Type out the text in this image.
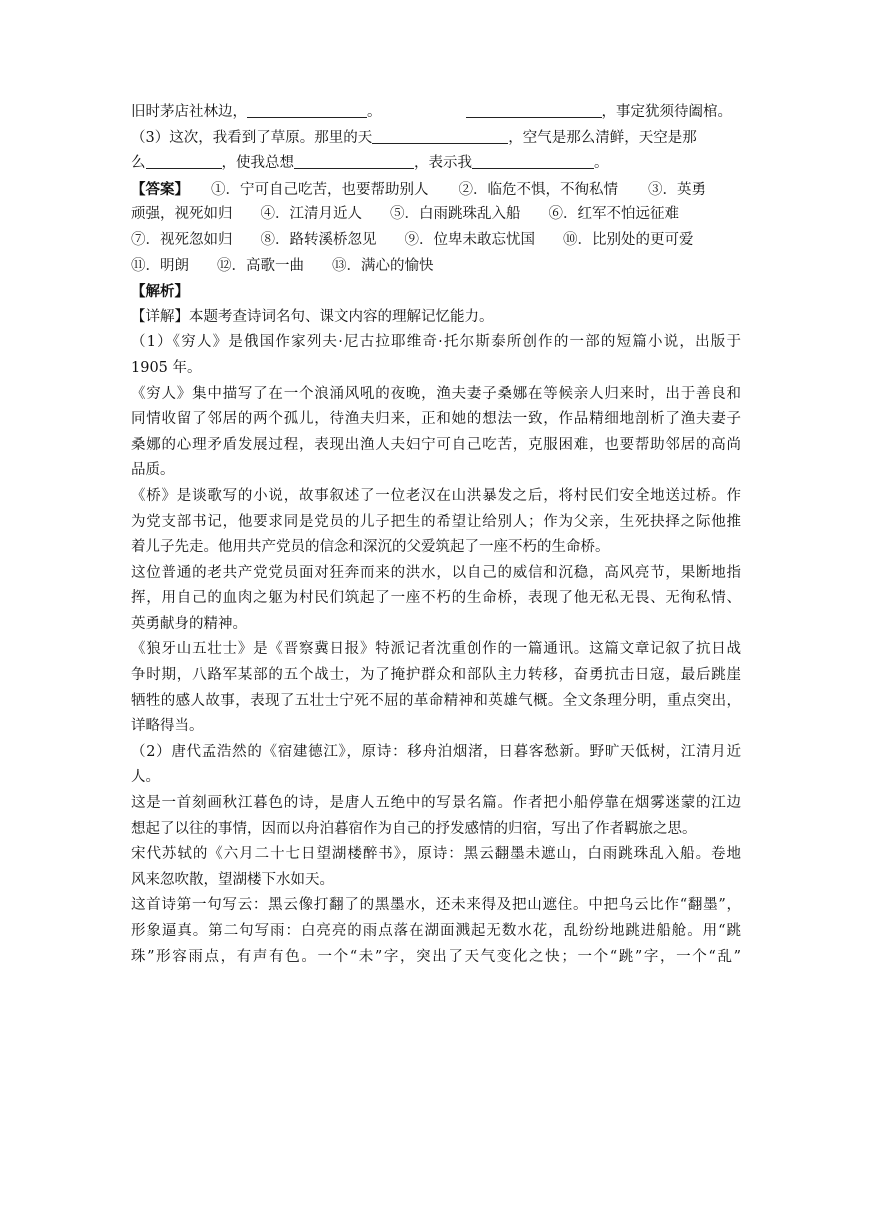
旧时茅店社林边，	。	，事定犹须待阖棺。
（3）这次，我看到了草原。那里的天	，空气是那么清鲜，天空是那
么	，使我总想	，表示我	。
【答案】 ①．宁可自己吃苦，也要帮助别人 ②．临危不惧，不徇私情 ③．英勇
顽强，视死如归 ④．江清月近人 ⑤．白雨跳珠乱入船 ⑥．红军不怕远征难
⑦．视死忽如归 ⑧．路转溪桥忽见 ⑨．位卑未敢忘忧国 ⑩．比别处的更可爱
⑪．明朗 ⑫．高歌一曲 ⑬．满心的愉快
【解析】
【详解】本题考查诗词名句、课文内容的理解记忆能力。
（1）《穷人》是俄国作家列夫·尼古拉耶维奇·托尔斯泰所创作的一部的短篇小说，出版于
1905 年。
《穷人》集中描写了在一个浪涌风吼的夜晚，渔夫妻子桑娜在等候亲人归来时，出于善良和
同情收留了邻居的两个孤儿，待渔夫归来，正和她的想法一致，作品精细地剖析了渔夫妻子
桑娜的心理矛盾发展过程，表现出渔人夫妇宁可自己吃苦，克服困难，也要帮助邻居的高尚
品质。
《桥》是谈歌写的小说，故事叙述了一位老汉在山洪暴发之后，将村民们安全地送过桥。作
为党支部书记，他要求同是党员的儿子把生的希望让给别人；作为父亲，生死抉择之际他推
着儿子先走。他用共产党员的信念和深沉的父爱筑起了一座不朽的生命桥。
这位普通的老共产党党员面对狂奔而来的洪水，以自己的威信和沉稳，高风亮节，果断地指
挥，用自己的血肉之躯为村民们筑起了一座不朽的生命桥，表现了他无私无畏、无徇私情、
英勇献身的精神。
《狼牙山五壮士》是《晋察冀日报》特派记者沈重创作的一篇通讯。这篇文章记叙了抗日战
争时期，八路军某部的五个战士，为了掩护群众和部队主力转移，奋勇抗击日寇，最后跳崖
牺牲的感人故事，表现了五壮士宁死不屈的革命精神和英雄气概。全文条理分明，重点突出，
详略得当。
（2）唐代孟浩然的《宿建德江》，原诗：移舟泊烟渚，日暮客愁新。野旷天低树，江清月近
人。
这是一首刻画秋江暮色的诗，是唐人五绝中的写景名篇。作者把小船停靠在烟雾迷蒙的江边
想起了以往的事情，因而以舟泊暮宿作为自己的抒发感情的归宿，写出了作者羁旅之思。
宋代苏轼的《六月二十七日望湖楼醉书》，原诗：黑云翻墨未遮山，白雨跳珠乱入船。卷地
风来忽吹散，望湖楼下水如天。
这首诗第一句写云：黑云像打翻了的黑墨水，还未来得及把山遮住。中把乌云比作“翻墨”，
形象逼真。第二句写雨：白亮亮的雨点落在湖面溅起无数水花，乱纷纷地跳进船舱。用“跳
珠”形容雨点，有声有色。一个“未”字，突出了天气变化之快；一个“跳”字，一个“乱”
